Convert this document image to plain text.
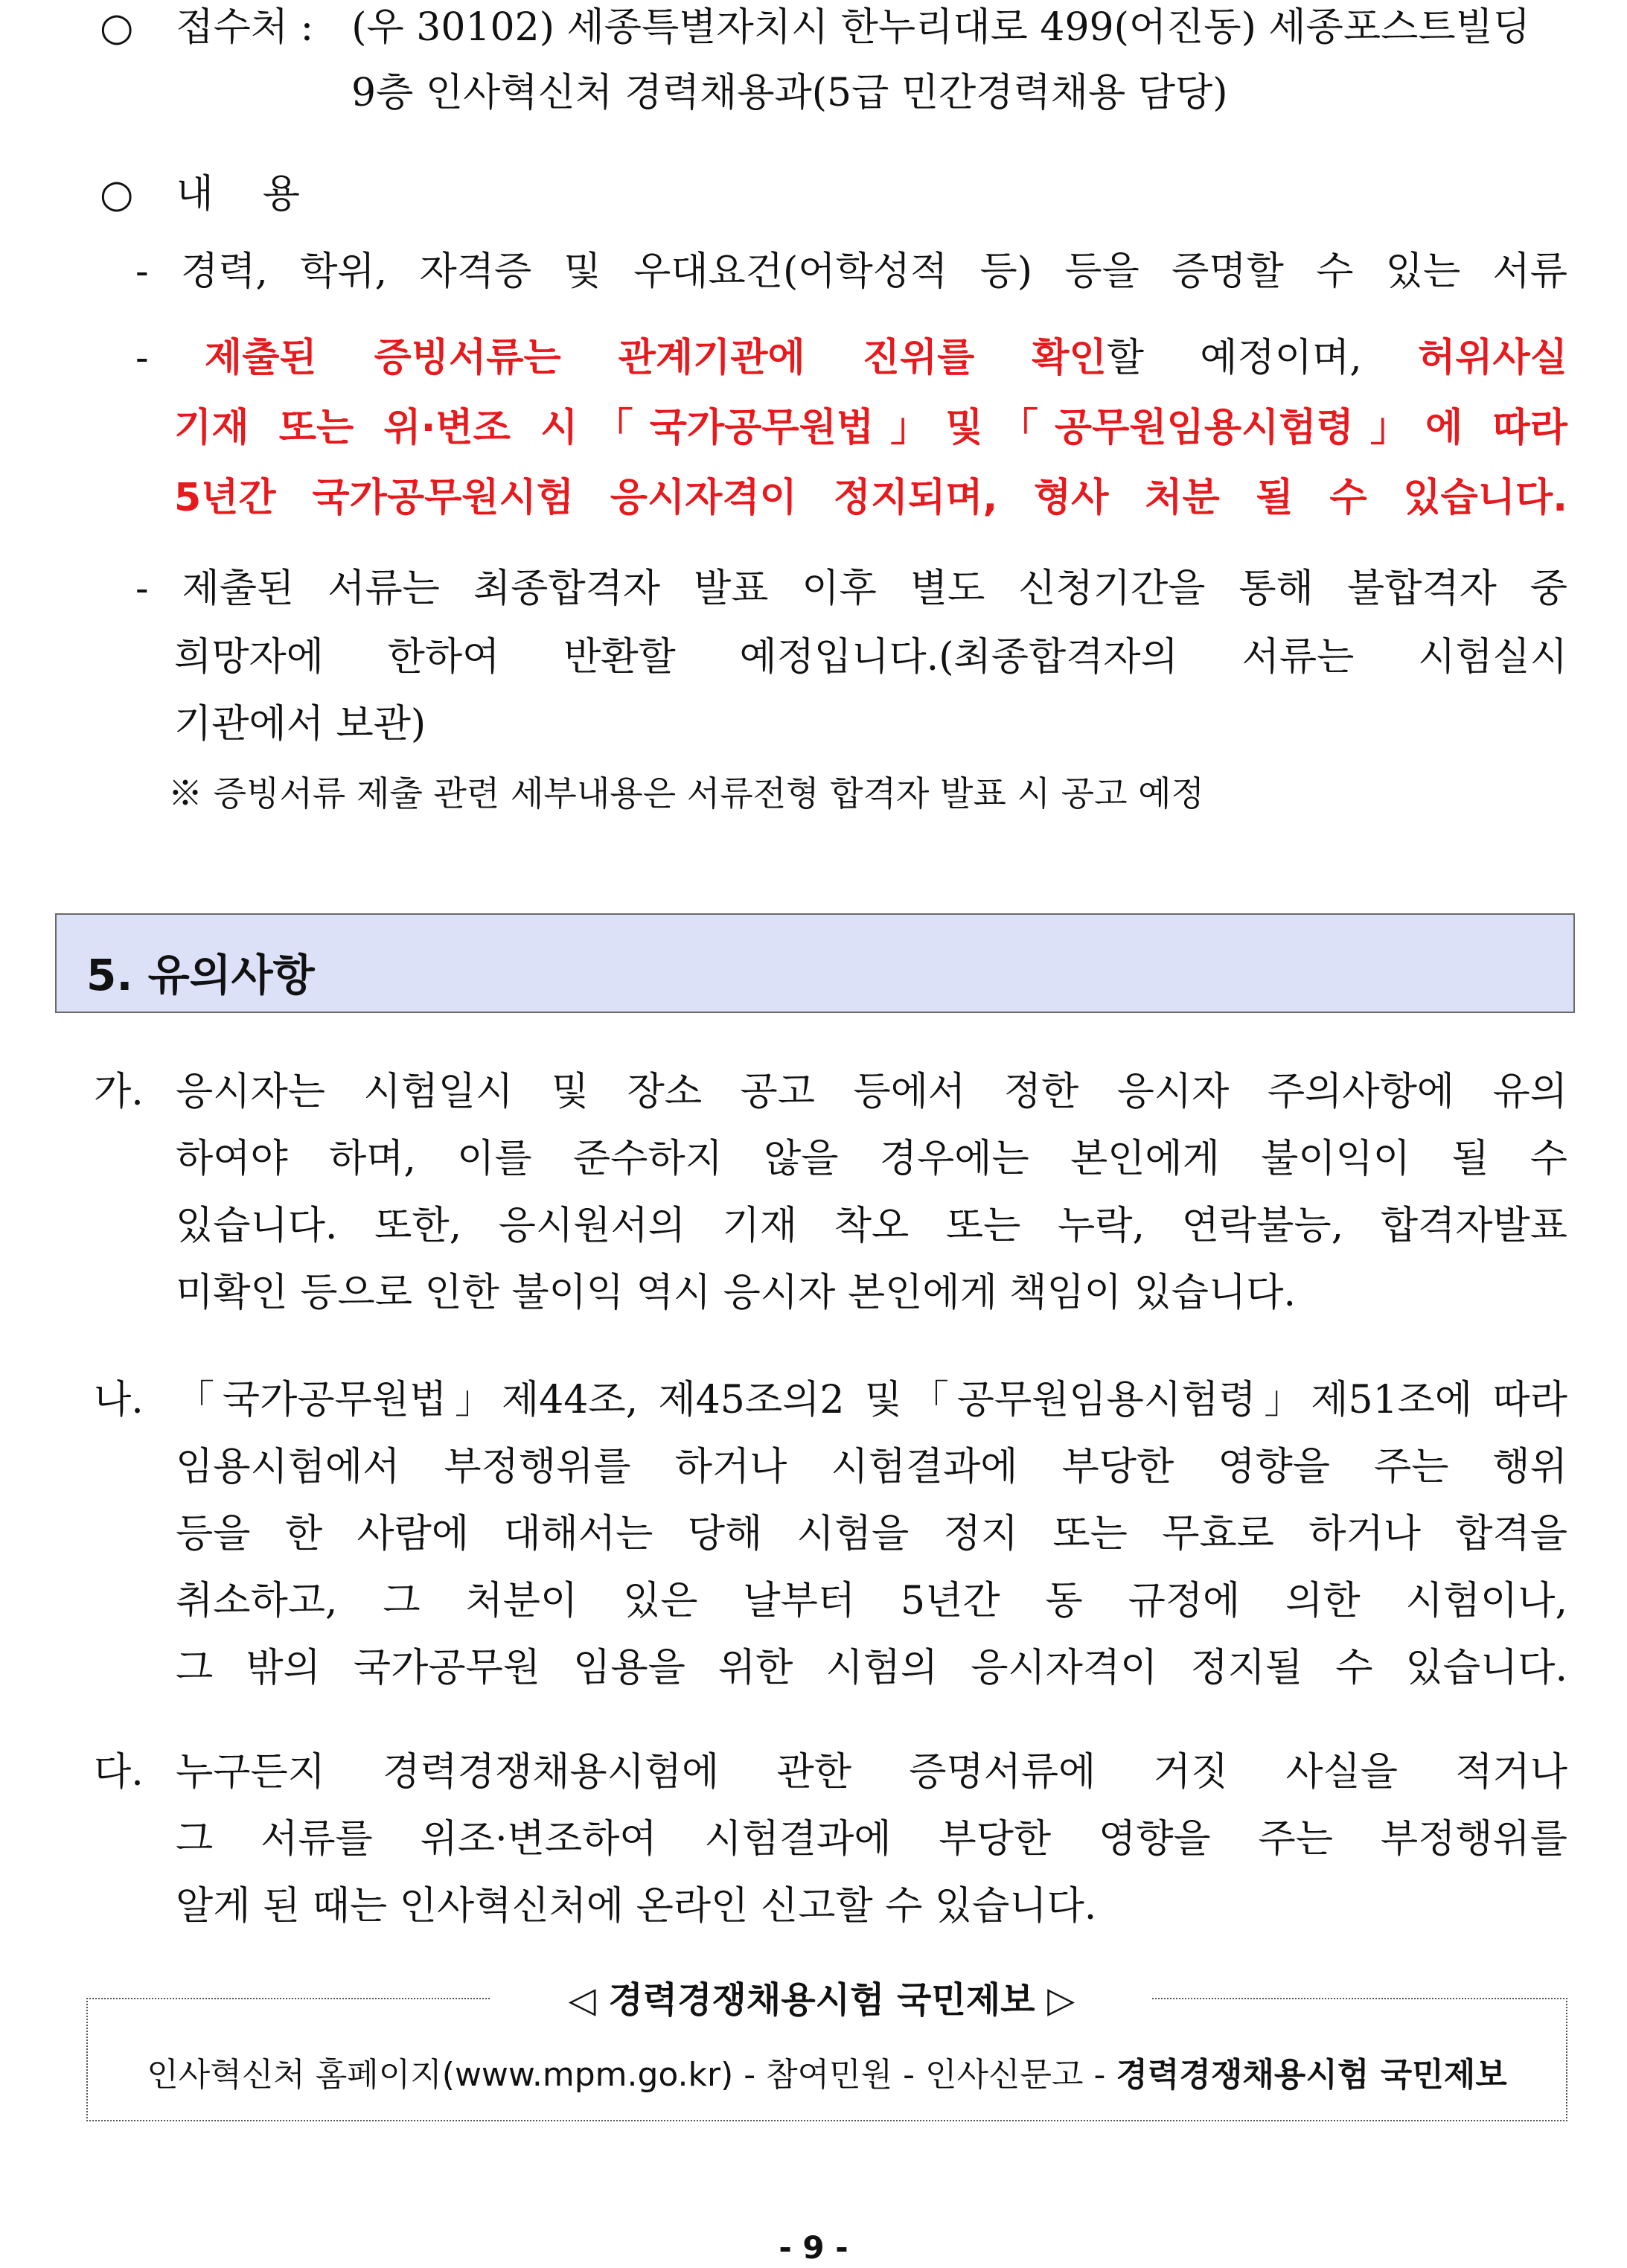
○ 접수처 : (우 30102) 세종특별자치시 한누리대로 499(어진동) 세종포스트빌딩
9층 인사혁신처 경력채용과(5급 민간경력채용 담당)
○ 내    용
- 경력, 학위, 자격증 및 우대요건(어학성적 등) 등을 증명할 수 있는 서류
- 제출된 증빙서류는 관계기관에 진위를 확인할 예정이며, 허위사실
기재 또는 위·변조 시「국가공무원법」및「공무원임용시험령」에 따라
5년간 국가공무원시험 응시자격이 정지되며, 형사 처분 될 수 있습니다.
- 제출된 서류는 최종합격자 발표 이후 별도 신청기간을 통해 불합격자 중
희망자에 한하여 반환할 예정입니다.(최종합격자의 서류는 시험실시
기관에서 보관)
※ 증빙서류 제출 관련 세부내용은 서류전형 합격자 발표 시 공고 예정
5. 유의사항
가. 응시자는 시험일시 및 장소 공고 등에서 정한 응시자 주의사항에 유의
하여야 하며, 이를 준수하지 않을 경우에는 본인에게 불이익이 될 수
있습니다. 또한, 응시원서의 기재 착오 또는 누락, 연락불능, 합격자발표
미확인 등으로 인한 불이익 역시 응시자 본인에게 책임이 있습니다.
나. 「국가공무원법」제44조, 제45조의2 및「공무원임용시험령」제51조에 따라
임용시험에서 부정행위를 하거나 시험결과에 부당한 영향을 주는 행위
등을 한 사람에 대해서는 당해 시험을 정지 또는 무효로 하거나 합격을
취소하고, 그 처분이 있은 날부터 5년간 동 규정에 의한 시험이나,
그 밖의 국가공무원 임용을 위한 시험의 응시자격이 정지될 수 있습니다.
다. 누구든지 경력경쟁채용시험에 관한 증명서류에 거짓 사실을 적거나
그 서류를 위조·변조하여 시험결과에 부당한 영향을 주는 부정행위를
알게 된 때는 인사혁신처에 온라인 신고할 수 있습니다.
◁ 경력경쟁채용시험 국민제보 ▷
인사혁신처 홈페이지(www.mpm.go.kr) - 참여민원 - 인사신문고 - 경력경쟁채용시험 국민제보
- 9 -
